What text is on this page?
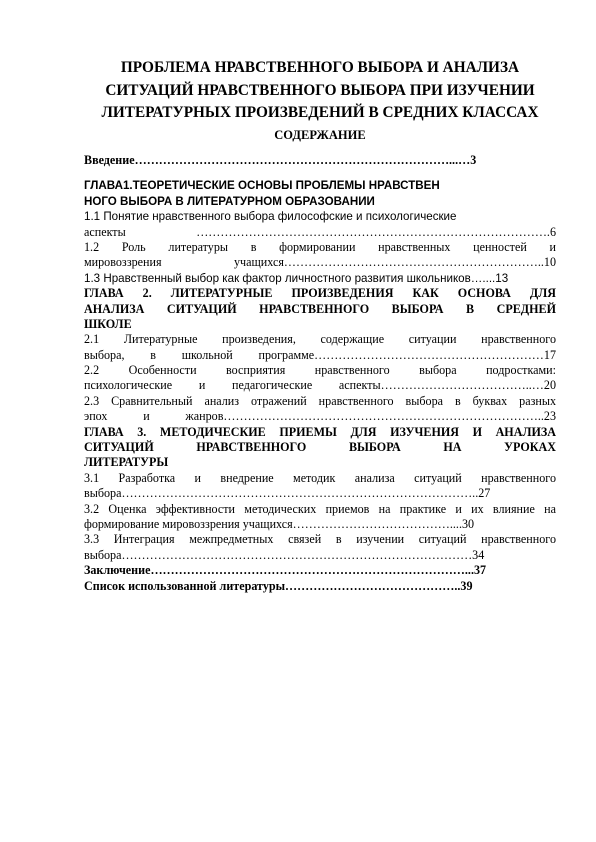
ПРОБЛЕМА НРАВСТВЕННОГО ВЫБОРА И АНАЛИЗА
СИТУАЦИЙ НРАВСТВЕННОГО ВЫБОРА ПРИ ИЗУЧЕНИИ
ЛИТЕРАТУРНЫХ ПРОИЗВЕДЕНИЙ В СРЕДНИХ КЛАССАХ
СОДЕРЖАНИЕ
Введение……………………………………………………………………...…3
ГЛАВА1.ТЕОРЕТИЧЕСКИЕ ОСНОВЫ ПРОБЛЕМЫ НРАВСТВЕН
НОГО ВЫБОРА В ЛИТЕРАТУРНОМ ОБРАЗОВАНИИ
1.1 Понятие нравственного выбора философские и психологические
аспекты …………………………………………………………………………….6
1.2 Роль литературы в формировании нравственных ценностей и
мировоззрения учащихся………………………………………………………..10
1.3 Нравственный выбор как фактор личностного развития школьников…....13
ГЛАВА 2. ЛИТЕРАТУРНЫЕ ПРОИЗВЕДЕНИЯ КАК ОСНОВА ДЛЯ
АНАЛИЗА СИТУАЦИЙ НРАВСТВЕННОГО ВЫБОРА В СРЕДНЕЙ
ШКОЛЕ
2.1 Литературные произведения, содержащие ситуации нравственного
выбора, в школьной программе…………………………………………………17
2.2 Особенности восприятия нравственного выбора подростками:
психологические и педагогические аспекты………………………………..…20
2.3 Сравнительный анализ отражений нравственного выбора в буквах разных
эпох и жанров……………………………………………………………………..23
ГЛАВА 3. МЕТОДИЧЕСКИЕ ПРИЕМЫ ДЛЯ ИЗУЧЕНИЯ И АНАЛИЗА
СИТУАЦИЙ НРАВСТВЕННОГО ВЫБОРА НА УРОКАХ
ЛИТЕРАТУРЫ
3.1 Разработка и внедрение методик анализа ситуаций нравственного
выбора……………………………………………………………………………..27
3.2 Оценка эффективности методических приемов на практике и их влияние на
формирование мировоззрения учащихся…………………………………....30
3.3 Интеграция межпредметных связей в изучении ситуаций нравственного
выбора……………………………………………………………………………34
Заключение……………………………………………………………………...37
Список использованной литературы……………………………………..39
